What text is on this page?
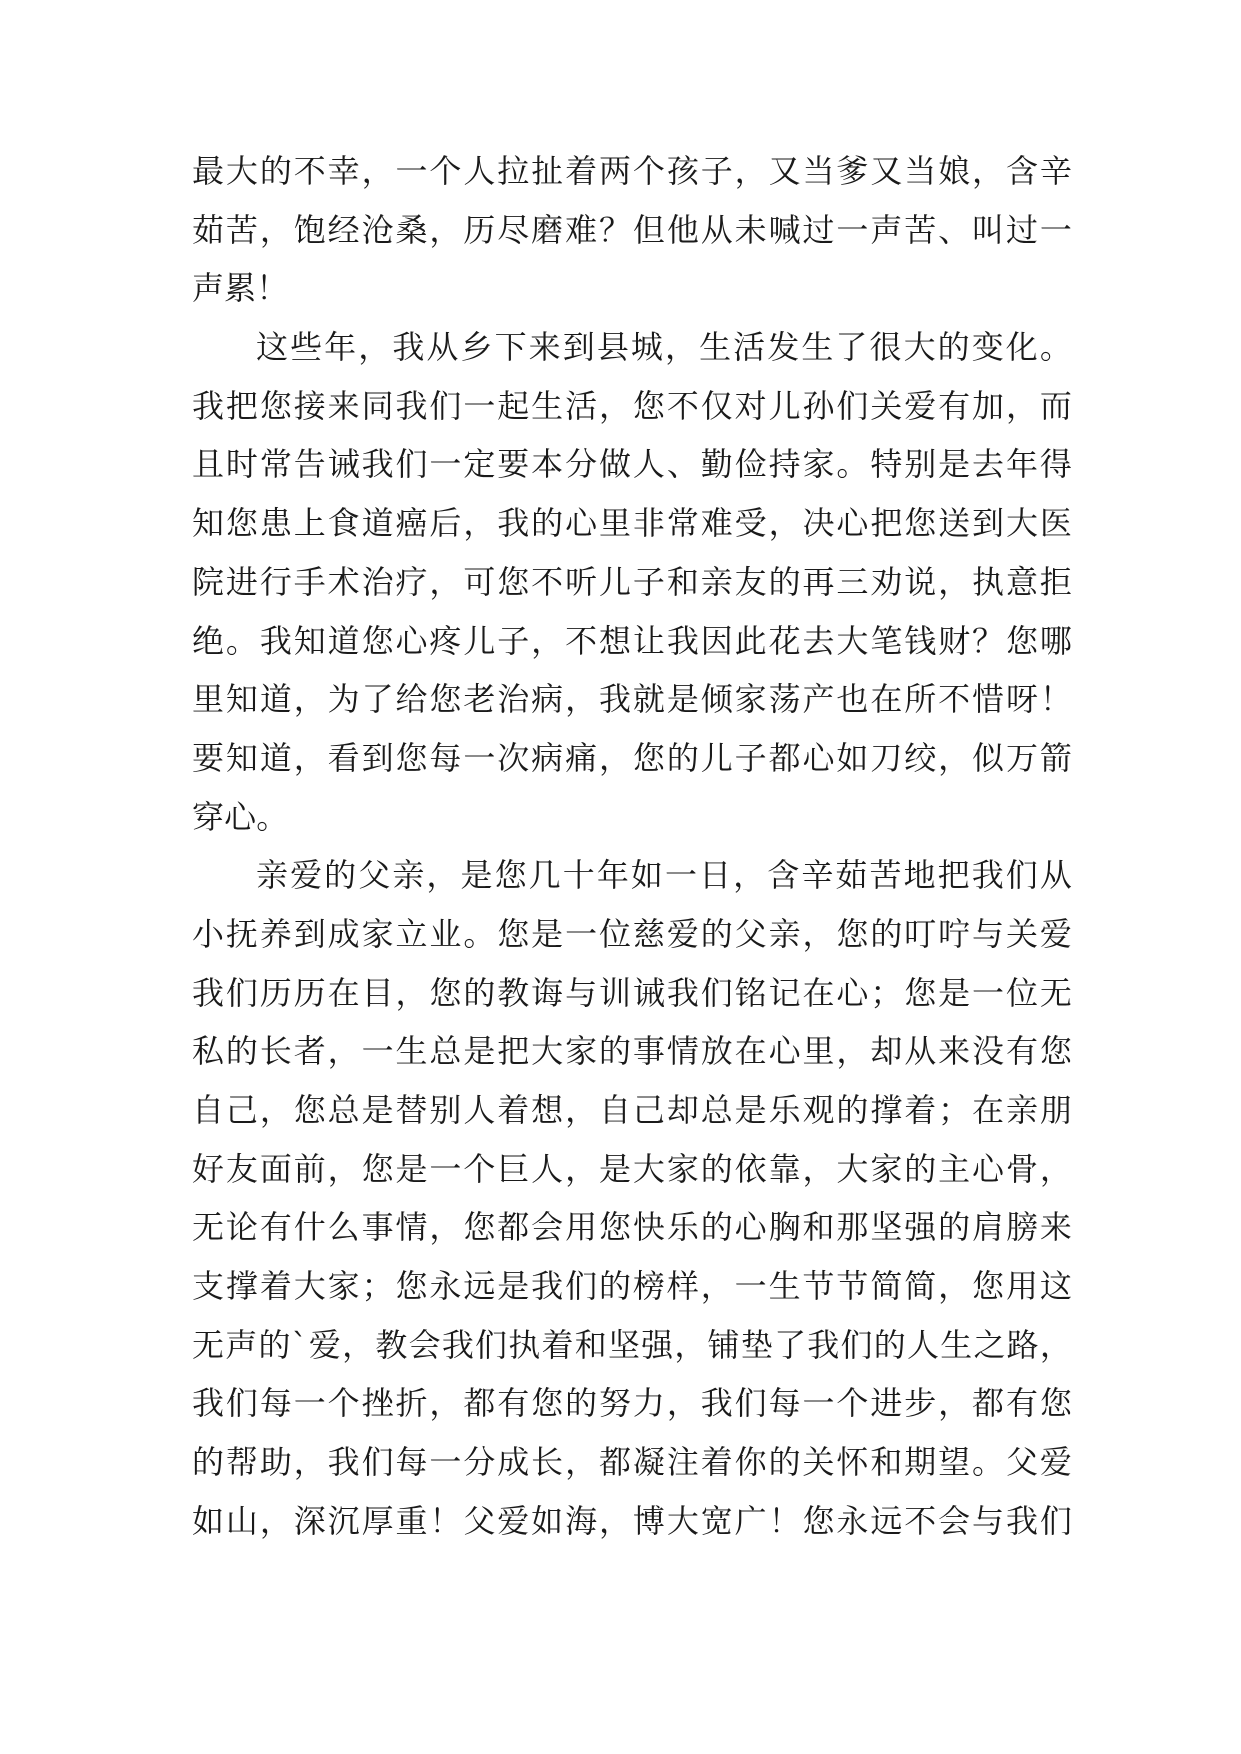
最大的不幸，一个人拉扯着两个孩子，又当爹又当娘，含辛
茹苦，饱经沧桑，历尽磨难？但他从未喊过一声苦、叫过一
声累！
这些年，我从乡下来到县城，生活发生了很大的变化。
我把您接来同我们一起生活，您不仅对儿孙们关爱有加，而
且时常告诫我们一定要本分做人、勤俭持家。特别是去年得
知您患上食道癌后，我的心里非常难受，决心把您送到大医
院进行手术治疗，可您不听儿子和亲友的再三劝说，执意拒
绝。我知道您心疼儿子，不想让我因此花去大笔钱财？您哪
里知道，为了给您老治病，我就是倾家荡产也在所不惜呀！
要知道，看到您每一次病痛，您的儿子都心如刀绞，似万箭
穿心。
亲爱的父亲，是您几十年如一日，含辛茹苦地把我们从
小抚养到成家立业。您是一位慈爱的父亲，您的叮咛与关爱
我们历历在目，您的教诲与训诫我们铭记在心；您是一位无
私的长者，一生总是把大家的事情放在心里，却从来没有您
自己，您总是替别人着想，自己却总是乐观的撑着；在亲朋
好友面前，您是一个巨人，是大家的依靠，大家的主心骨，
无论有什么事情，您都会用您快乐的心胸和那坚强的肩膀来
支撑着大家；您永远是我们的榜样，一生节节简简，您用这
无声的`爱，教会我们执着和坚强，铺垫了我们的人生之路，
我们每一个挫折，都有您的努力，我们每一个进步，都有您
的帮助，我们每一分成长，都凝注着你的关怀和期望。父爱
如山，深沉厚重！父爱如海，博大宽广！您永远不会与我们
